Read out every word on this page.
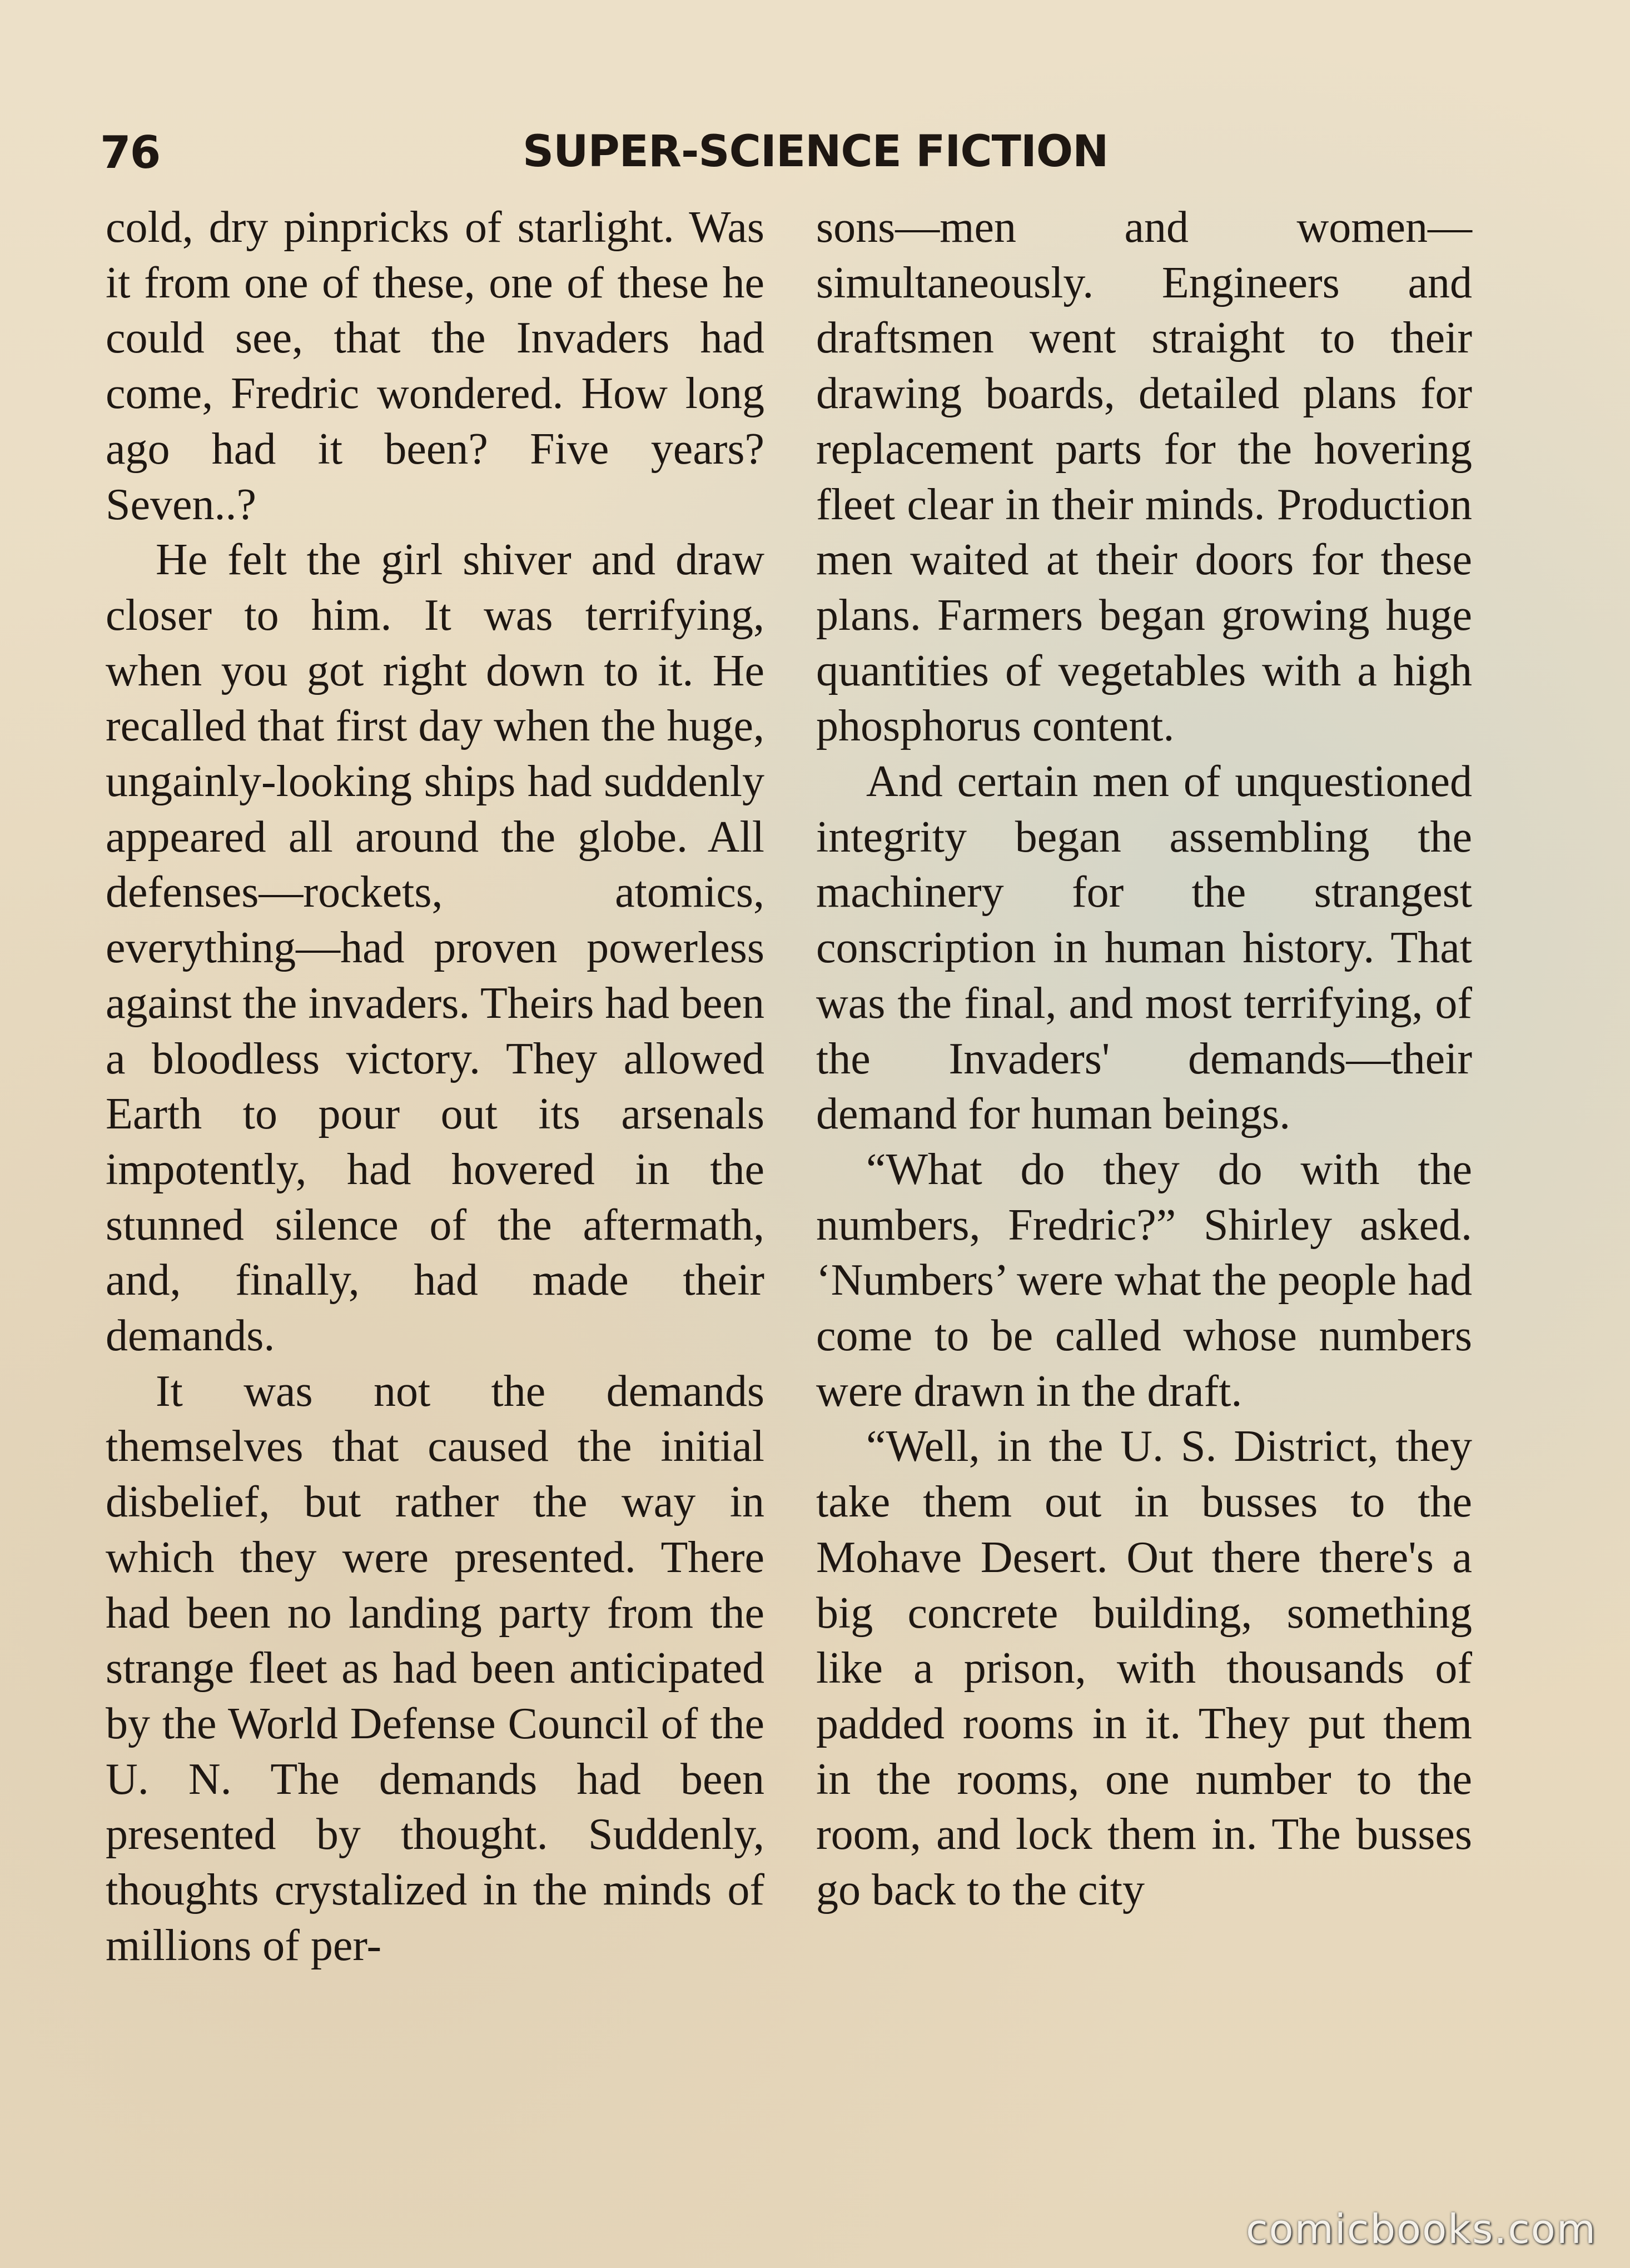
76	SUPER-SCIENCE FICTION

cold, dry pinpricks of starlight. Was it from one of these, one of these he could see, that the Invaders had come, Fredric wondered. How long ago had it been? Five years? Seven..?

He felt the girl shiver and draw closer to him. It was terrifying, when you got right down to it. He recalled that first day when the huge, ungainly-looking ships had suddenly appeared all around the globe. All defenses—rockets, atomics, everything—had proven powerless against the invaders. Theirs had been a bloodless victory. They allowed Earth to pour out its arsenals impotently, had hovered in the stunned silence of the aftermath, and, finally, had made their demands.

It was not the demands themselves that caused the initial disbelief, but rather the way in which they were presented. There had been no landing party from the strange fleet as had been anticipated by the World Defense Council of the U. N. The demands had been presented by thought. Suddenly, thoughts crystalized in the minds of millions of per-

sons—men and women—simultaneously. Engineers and draftsmen went straight to their drawing boards, detailed plans for replacement parts for the hovering fleet clear in their minds. Production men waited at their doors for these plans. Farmers began growing huge quantities of vegetables with a high phosphorus content.

And certain men of unquestioned integrity began assembling the machinery for the strangest conscription in human history. That was the final, and most terrifying, of the Invaders' demands—their demand for human beings.

“What do they do with the numbers, Fredric?” Shirley asked. ‘Numbers’ were what the people had come to be called whose numbers were drawn in the draft.

“Well, in the U. S. District, they take them out in busses to the Mohave Desert. Out there there's a big concrete building, something like a prison, with thousands of padded rooms in it. They put them in the rooms, one number to the room, and lock them in. The busses go back to the city

comicbooks.com
